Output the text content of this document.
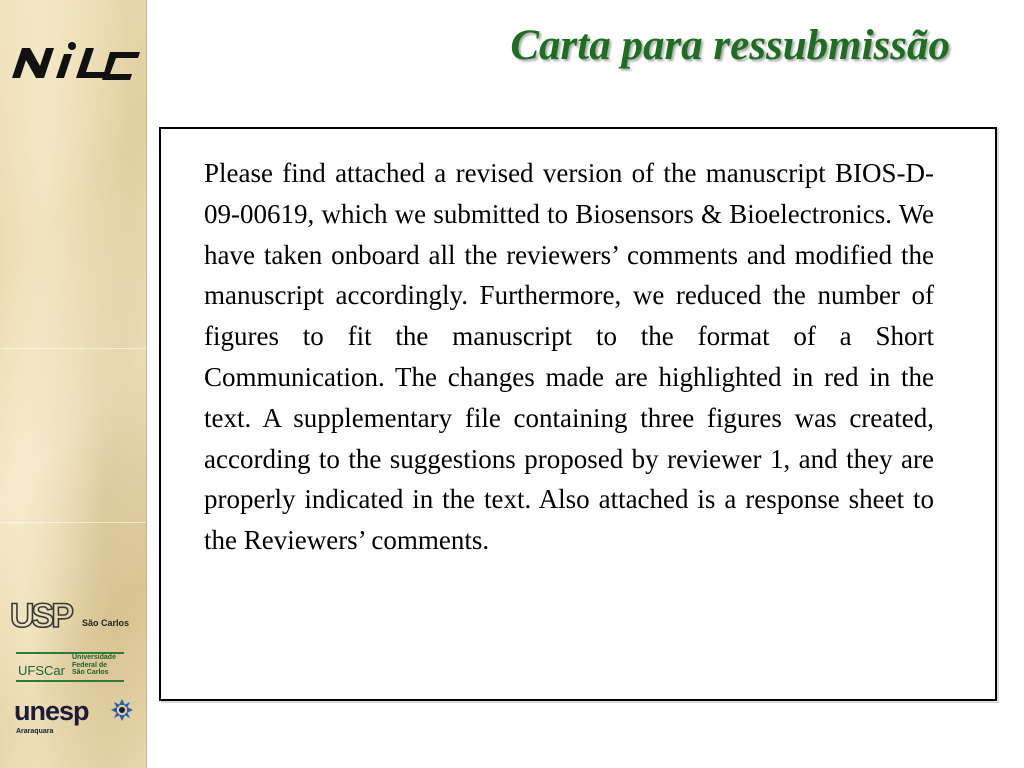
USP São Carlos
UFSCar
Universidade
Federal de
São Carlos
unesp
Araraquara
Carta para ressubmissão

Please find attached a revised version of the manuscript BIOS-D-09-00619, which we submitted to Biosensors & Bioelectronics. We have taken onboard all the reviewers’ comments and modified the manuscript accordingly. Furthermore, we reduced the number of figures to fit the manuscript to the format of a Short Communication. The changes made are highlighted in red in the text. A supplementary file containing three figures was created, according to the suggestions proposed by reviewer 1, and they are properly indicated in the text. Also attached is a response sheet to the Reviewers’ comments.
